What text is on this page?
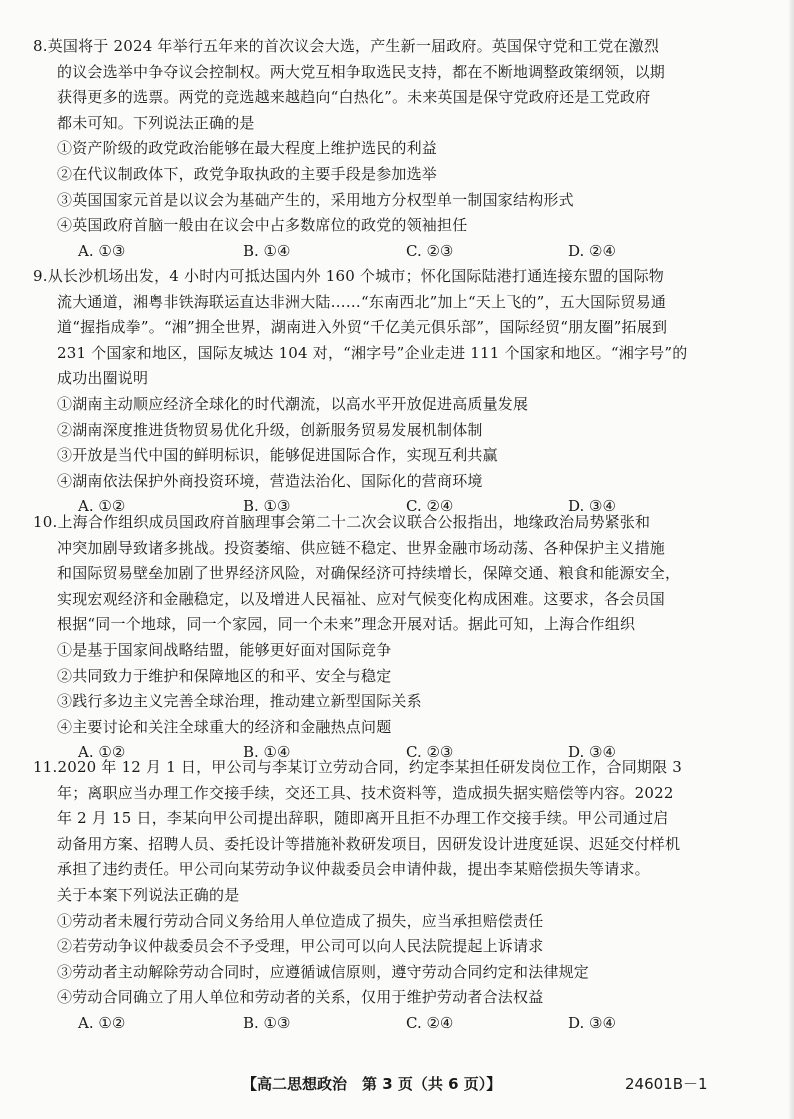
8.英国将于 2024 年举行五年来的首次议会大选，产生新一届政府。英国保守党和工党在激烈
的议会选举中争夺议会控制权。两大党互相争取选民支持，都在不断地调整政策纲领，以期
获得更多的选票。两党的竞选越来越趋向“白热化”。未来英国是保守党政府还是工党政府
都未可知。下列说法正确的是
①资产阶级的政党政治能够在最大程度上维护选民的利益
②在代议制政体下，政党争取执政的主要手段是参加选举
③英国国家元首是以议会为基础产生的，采用地方分权型单一制国家结构形式
④英国政府首脑一般由在议会中占多数席位的政党的领袖担任
A. ①③	B. ①④	C. ②③	D. ②④
9.从长沙机场出发，4 小时内可抵达国内外 160 个城市；怀化国际陆港打通连接东盟的国际物
流大通道，湘粤非铁海联运直达非洲大陆……“东南西北”加上“天上飞的”，五大国际贸易通
道“握指成拳”。“湘”拥全世界，湖南进入外贸“千亿美元俱乐部”，国际经贸“朋友圈”拓展到
231 个国家和地区，国际友城达 104 对，“湘字号”企业走进 111 个国家和地区。“湘字号”的
成功出圈说明
①湖南主动顺应经济全球化的时代潮流，以高水平开放促进高质量发展
②湖南深度推进货物贸易优化升级，创新服务贸易发展机制体制
③开放是当代中国的鲜明标识，能够促进国际合作，实现互利共赢
④湖南依法保护外商投资环境，营造法治化、国际化的营商环境
A. ①②	B. ①③	C. ②④	D. ③④
10.上海合作组织成员国政府首脑理事会第二十二次会议联合公报指出，地缘政治局势紧张和
冲突加剧导致诸多挑战。投资萎缩、供应链不稳定、世界金融市场动荡、各种保护主义措施
和国际贸易壁垒加剧了世界经济风险，对确保经济可持续增长，保障交通、粮食和能源安全，
实现宏观经济和金融稳定，以及增进人民福祉、应对气候变化构成困难。这要求，各会员国
根据“同一个地球，同一个家园，同一个未来”理念开展对话。据此可知，上海合作组织
①是基于国家间战略结盟，能够更好面对国际竞争
②共同致力于维护和保障地区的和平、安全与稳定
③践行多边主义完善全球治理，推动建立新型国际关系
④主要讨论和关注全球重大的经济和金融热点问题
A. ①②	B. ①④	C. ②③	D. ③④
11.2020 年 12 月 1 日，甲公司与李某订立劳动合同，约定李某担任研发岗位工作，合同期限 3
年；离职应当办理工作交接手续，交还工具、技术资料等，造成损失据实赔偿等内容。2022
年 2 月 15 日，李某向甲公司提出辞职，随即离开且拒不办理工作交接手续。甲公司通过启
动备用方案、招聘人员、委托设计等措施补救研发项目，因研发设计进度延误、迟延交付样机
承担了违约责任。甲公司向某劳动争议仲裁委员会申请仲裁，提出李某赔偿损失等请求。
关于本案下列说法正确的是
①劳动者未履行劳动合同义务给用人单位造成了损失，应当承担赔偿责任
②若劳动争议仲裁委员会不予受理，甲公司可以向人民法院提起上诉请求
③劳动者主动解除劳动合同时，应遵循诚信原则，遵守劳动合同约定和法律规定
④劳动合同确立了用人单位和劳动者的关系，仅用于维护劳动者合法权益
A. ①②	B. ①③	C. ②④	D. ③④
【高二思想政治　第 3 页（共 6 页）】	24601B－1
